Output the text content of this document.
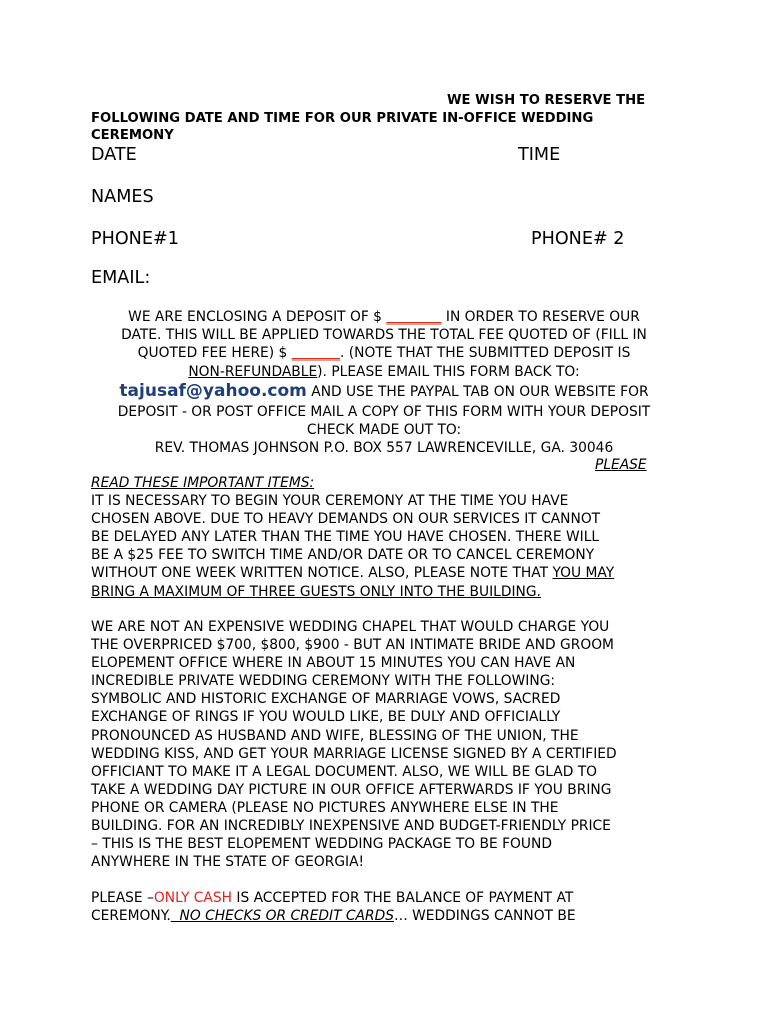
WE WISH TO RESERVE THE

FOLLOWING DATE AND TIME FOR OUR PRIVATE IN-OFFICE WEDDING

CEREMONY

DATE	TIME

NAMES

PHONE#1	PHONE# 2

EMAIL:

WE ARE ENCLOSING A DEPOSIT OF $ ________ IN ORDER TO RESERVE OUR
DATE. THIS WILL BE APPLIED TOWARDS THE TOTAL FEE QUOTED OF (FILL IN
QUOTED FEE HERE) $ _______. (NOTE THAT THE SUBMITTED DEPOSIT IS
NON-REFUNDABLE). PLEASE EMAIL THIS FORM BACK TO:
tajusaf@yahoo.com AND USE THE PAYPAL TAB ON OUR WEBSITE FOR
DEPOSIT - OR POST OFFICE MAIL A COPY OF THIS FORM WITH YOUR DEPOSIT
CHECK MADE OUT TO:
REV. THOMAS JOHNSON P.O. BOX 557 LAWRENCEVILLE, GA. 30046

PLEASE

READ THESE IMPORTANT ITEMS:
IT IS NECESSARY TO BEGIN YOUR CEREMONY AT THE TIME YOU HAVE
CHOSEN ABOVE. DUE TO HEAVY DEMANDS ON OUR SERVICES IT CANNOT
BE DELAYED ANY LATER THAN THE TIME YOU HAVE CHOSEN. THERE WILL
BE A $25 FEE TO SWITCH TIME AND/OR DATE OR TO CANCEL CEREMONY
WITHOUT ONE WEEK WRITTEN NOTICE. ALSO, PLEASE NOTE THAT YOU MAY
BRING A MAXIMUM OF THREE GUESTS ONLY INTO THE BUILDING.
WE ARE NOT AN EXPENSIVE WEDDING CHAPEL THAT WOULD CHARGE YOU
THE OVERPRICED $700, $800, $900 - BUT AN INTIMATE BRIDE AND GROOM
ELOPEMENT OFFICE WHERE IN ABOUT 15 MINUTES YOU CAN HAVE AN
INCREDIBLE PRIVATE WEDDING CEREMONY WITH THE FOLLOWING:
SYMBOLIC AND HISTORIC EXCHANGE OF MARRIAGE VOWS, SACRED
EXCHANGE OF RINGS IF YOU WOULD LIKE, BE DULY AND OFFICIALLY
PRONOUNCED AS HUSBAND AND WIFE, BLESSING OF THE UNION, THE
WEDDING KISS, AND GET YOUR MARRIAGE LICENSE SIGNED BY A CERTIFIED
OFFICIANT TO MAKE IT A LEGAL DOCUMENT. ALSO, WE WILL BE GLAD TO
TAKE A WEDDING DAY PICTURE IN OUR OFFICE AFTERWARDS IF YOU BRING
PHONE OR CAMERA (PLEASE NO PICTURES ANYWHERE ELSE IN THE
BUILDING. FOR AN INCREDIBLY INEXPENSIVE AND BUDGET-FRIENDLY PRICE
– THIS IS THE BEST ELOPEMENT WEDDING PACKAGE TO BE FOUND
ANYWHERE IN THE STATE OF GEORGIA!
PLEASE –ONLY CASH IS ACCEPTED FOR THE BALANCE OF PAYMENT AT
CEREMONY.  NO CHECKS OR CREDIT CARDS… WEDDINGS CANNOT BE
